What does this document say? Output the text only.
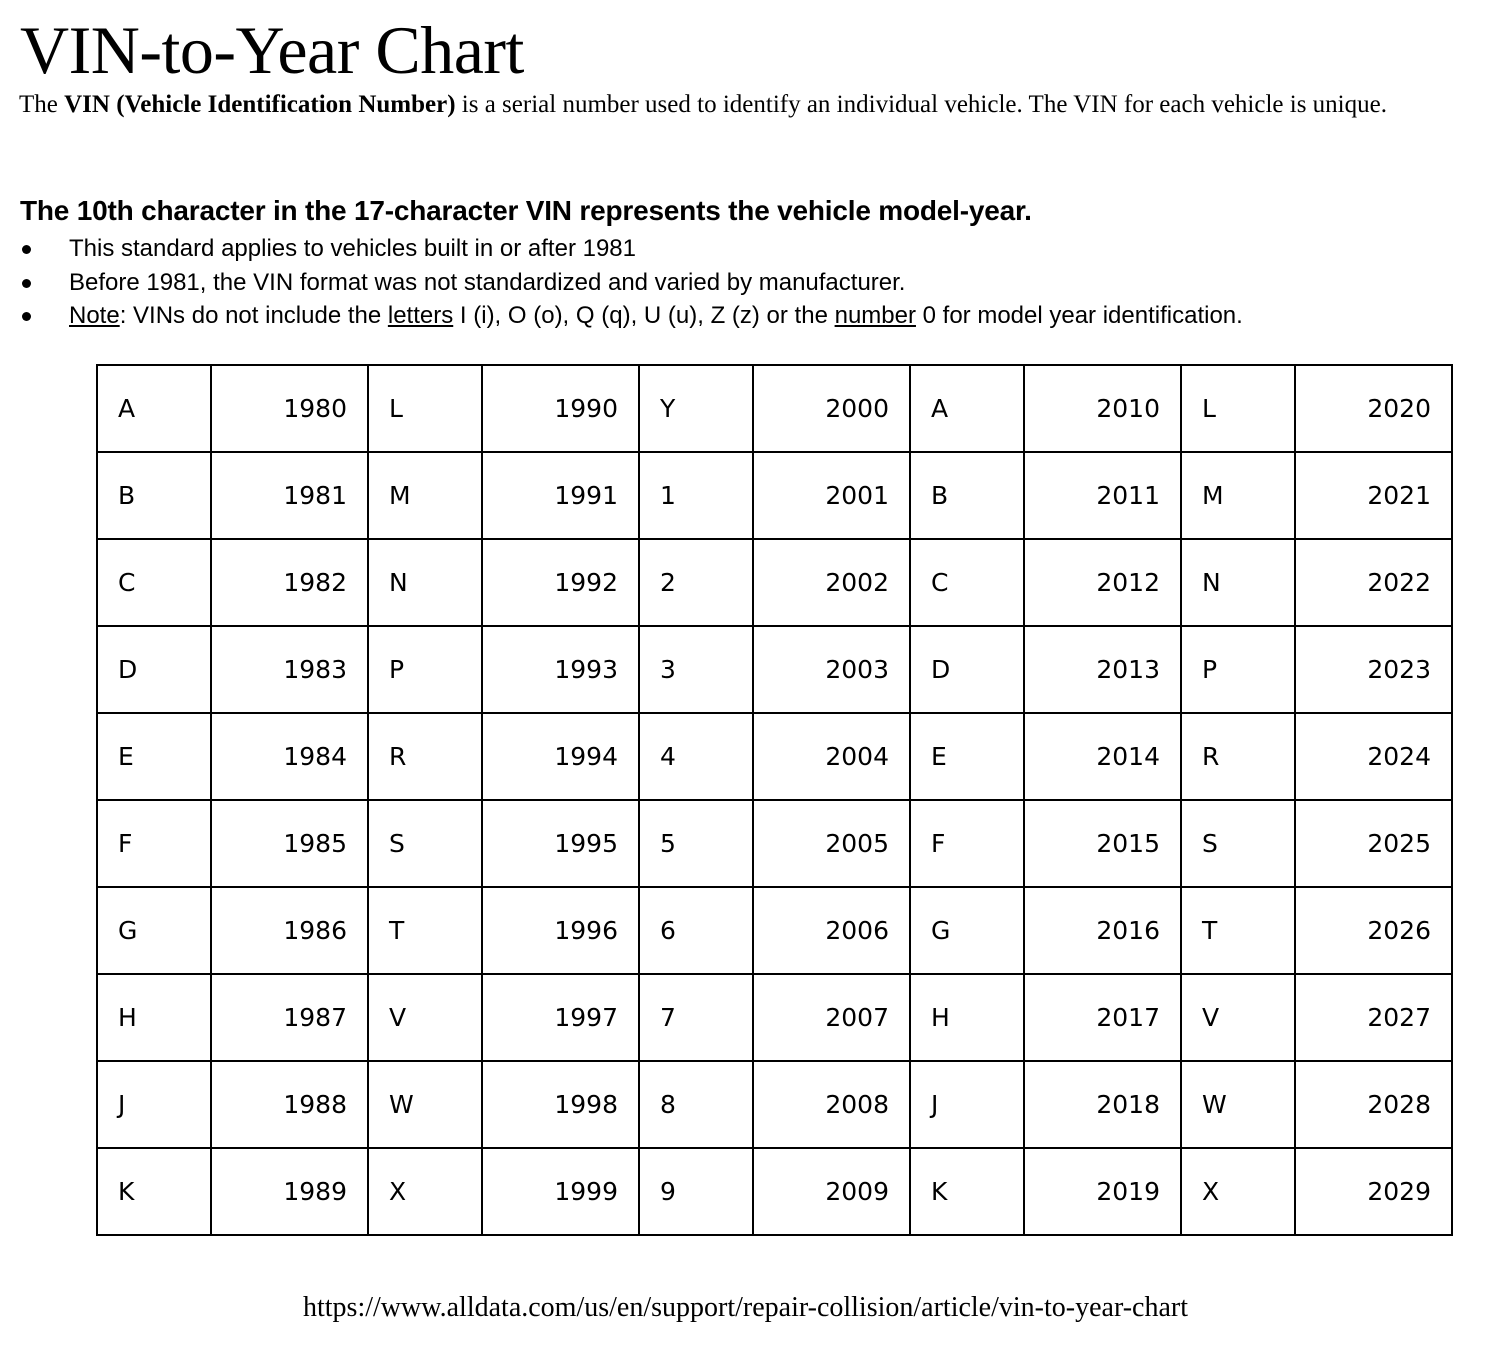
VIN-to-Year Chart
The VIN (Vehicle Identification Number) is a serial number used to identify an individual vehicle. The VIN for each vehicle is unique.
The 10th character in the 17-character VIN represents the vehicle model-year.
This standard applies to vehicles built in or after 1981
Before 1981, the VIN format was not standardized and varied by manufacturer.
Note: VINs do not include the letters I (i), O (o), Q (q), U (u), Z (z) or the number 0 for model year identification.
A	1980	L	1990	Y	2000	A	2010	L	2020
B	1981	M	1991	1	2001	B	2011	M	2021
C	1982	N	1992	2	2002	C	2012	N	2022
D	1983	P	1993	3	2003	D	2013	P	2023
E	1984	R	1994	4	2004	E	2014	R	2024
F	1985	S	1995	5	2005	F	2015	S	2025
G	1986	T	1996	6	2006	G	2016	T	2026
H	1987	V	1997	7	2007	H	2017	V	2027
J	1988	W	1998	8	2008	J	2018	W	2028
K	1989	X	1999	9	2009	K	2019	X	2029
https://www.alldata.com/us/en/support/repair-collision/article/vin-to-year-chart
